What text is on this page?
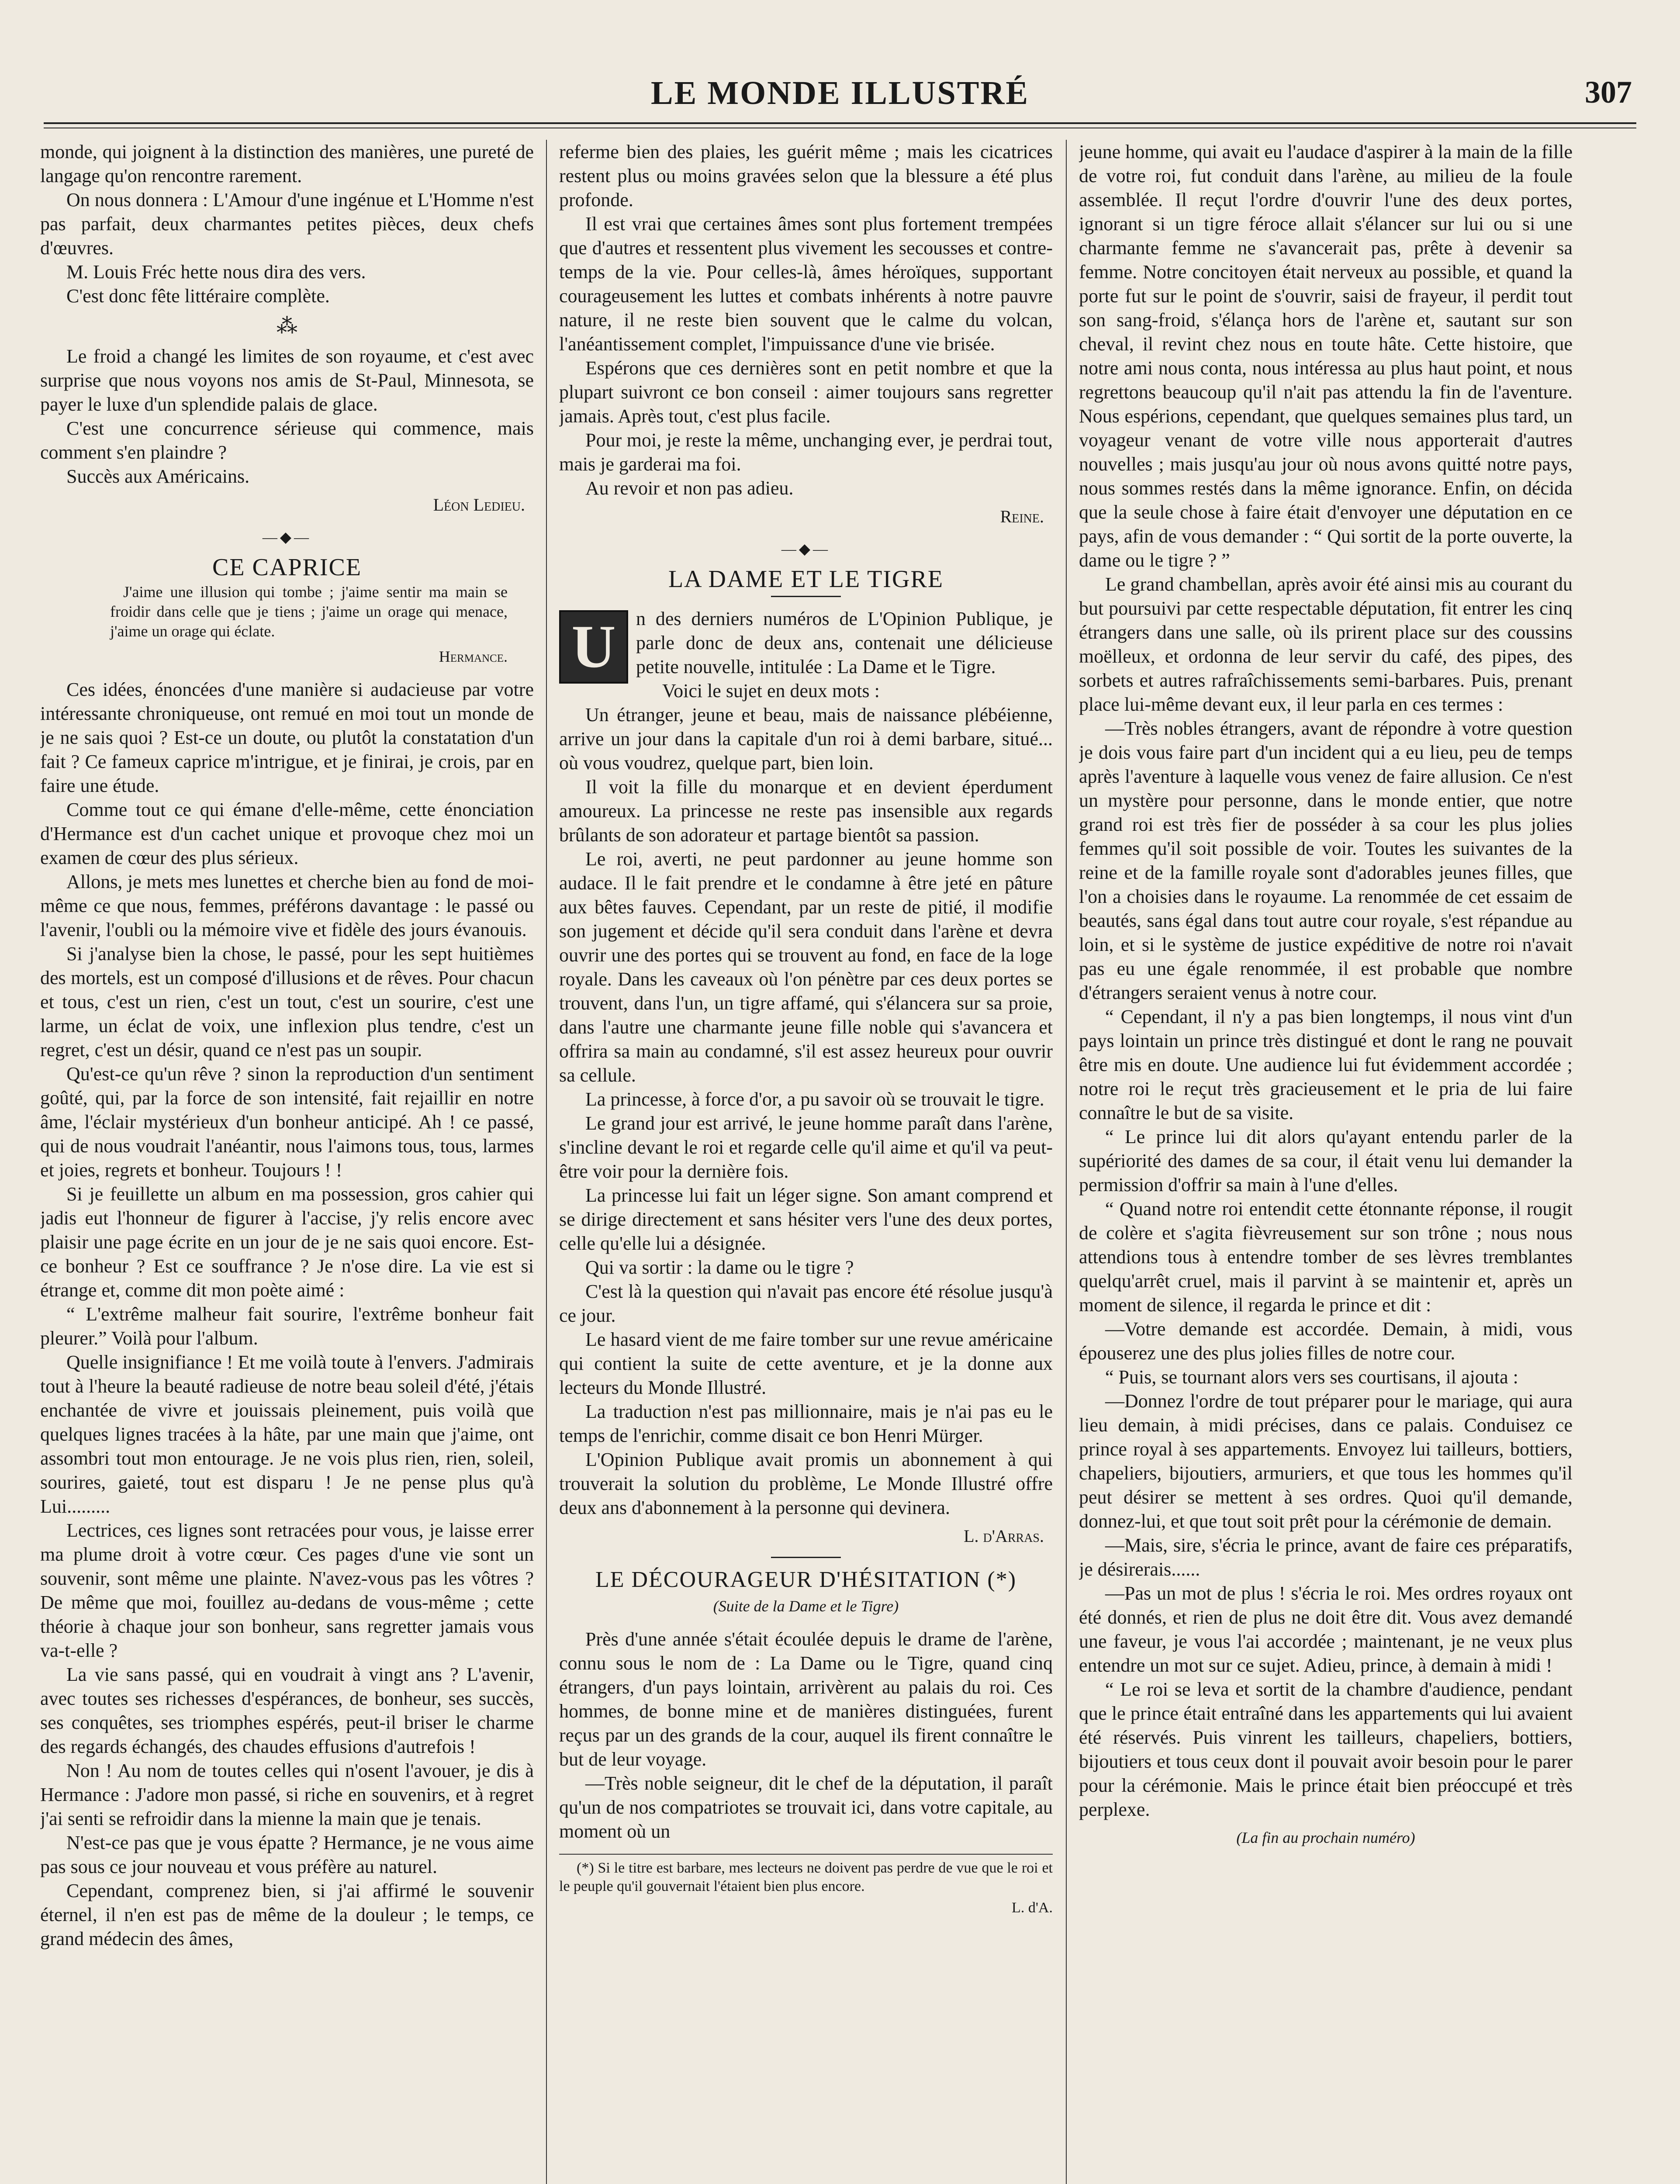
LE MONDE ILLUSTRÉ	307

monde, qui joignent à la distinction des manières, une pureté de langage qu'on rencontre rarement.

On nous donnera : L'Amour d'une ingénue et L'Homme n'est pas parfait, deux charmantes petites pièces, deux chefs d'œuvres.

M. Louis Fréc hette nous dira des vers.

C'est donc fête littéraire complète.

⁂

Le froid a changé les limites de son royaume, et c'est avec surprise que nous voyons nos amis de St-Paul, Minnesota, se payer le luxe d'un splendide palais de glace.

C'est une concurrence sérieuse qui commence, mais comment s'en plaindre ?

Succès aux Américains.

Léon Ledieu.

—◆—
CE CAPRICE

J'aime une illusion qui tombe ; j'aime sentir ma main se froidir dans celle que je tiens ; j'aime un orage qui menace, j'aime un orage qui éclate.

Hermance.

Ces idées, énoncées d'une manière si audacieuse par votre intéressante chroniqueuse, ont remué en moi tout un monde de je ne sais quoi ? Est-ce un doute, ou plutôt la constatation d'un fait ? Ce fameux caprice m'intrigue, et je finirai, je crois, par en faire une étude.

Comme tout ce qui émane d'elle-même, cette énonciation d'Hermance est d'un cachet unique et provoque chez moi un examen de cœur des plus sérieux.

Allons, je mets mes lunettes et cherche bien au fond de moi-même ce que nous, femmes, préférons davantage : le passé ou l'avenir, l'oubli ou la mémoire vive et fidèle des jours évanouis.

Si j'analyse bien la chose, le passé, pour les sept huitièmes des mortels, est un composé d'illusions et de rêves. Pour chacun et tous, c'est un rien, c'est un tout, c'est un sourire, c'est une larme, un éclat de voix, une inflexion plus tendre, c'est un regret, c'est un désir, quand ce n'est pas un soupir.

Qu'est-ce qu'un rêve ? sinon la reproduction d'un sentiment goûté, qui, par la force de son intensité, fait rejaillir en notre âme, l'éclair mystérieux d'un bonheur anticipé. Ah ! ce passé, qui de nous voudrait l'anéantir, nous l'aimons tous, tous, larmes et joies, regrets et bonheur. Toujours ! !

Si je feuillette un album en ma possession, gros cahier qui jadis eut l'honneur de figurer à l'accise, j'y relis encore avec plaisir une page écrite en un jour de je ne sais quoi encore. Est-ce bonheur ? Est ce souffrance ? Je n'ose dire. La vie est si étrange et, comme dit mon poète aimé :

“ L'extrême malheur fait sourire, l'extrême bonheur fait pleurer.” Voilà pour l'album.

Quelle insignifiance ! Et me voilà toute à l'envers. J'admirais tout à l'heure la beauté radieuse de notre beau soleil d'été, j'étais enchantée de vivre et jouissais pleinement, puis voilà que quelques lignes tracées à la hâte, par une main que j'aime, ont assombri tout mon entourage. Je ne vois plus rien, rien, soleil, sourires, gaieté, tout est disparu ! Je ne pense plus qu'à Lui.........

Lectrices, ces lignes sont retracées pour vous, je laisse errer ma plume droit à votre cœur. Ces pages d'une vie sont un souvenir, sont même une plainte. N'avez-vous pas les vôtres ? De même que moi, fouillez au-dedans de vous-même ; cette théorie à chaque jour son bonheur, sans regretter jamais vous va-t-elle ?

La vie sans passé, qui en voudrait à vingt ans ? L'avenir, avec toutes ses richesses d'espérances, de bonheur, ses succès, ses conquêtes, ses triomphes espérés, peut-il briser le charme des regards échangés, des chaudes effusions d'autrefois !

Non ! Au nom de toutes celles qui n'osent l'avouer, je dis à Hermance : J'adore mon passé, si riche en souvenirs, et à regret j'ai senti se refroidir dans la mienne la main que je tenais.

N'est-ce pas que je vous épatte ? Hermance, je ne vous aime pas sous ce jour nouveau et vous préfère au naturel.

Cependant, comprenez bien, si j'ai affirmé le souvenir éternel, il n'en est pas de même de la douleur ; le temps, ce grand médecin des âmes,

referme bien des plaies, les guérit même ; mais les cicatrices restent plus ou moins gravées selon que la blessure a été plus profonde.

Il est vrai que certaines âmes sont plus fortement trempées que d'autres et ressentent plus vivement les secousses et contre-temps de la vie. Pour celles-là, âmes héroïques, supportant courageusement les luttes et combats inhérents à notre pauvre nature, il ne reste bien souvent que le calme du volcan, l'anéantissement complet, l'impuissance d'une vie brisée.

Espérons que ces dernières sont en petit nombre et que la plupart suivront ce bon conseil : aimer toujours sans regretter jamais. Après tout, c'est plus facile.

Pour moi, je reste la même, unchanging ever, je perdrai tout, mais je garderai ma foi.

Au revoir et non pas adieu.

Reine.

—◆—
LA DAME ET LE TIGRE
U	n des derniers numéros de L'Opinion Publique, je parle donc de deux ans, contenait une délicieuse petite nouvelle, intitulée : La Dame et le Tigre.

Voici le sujet en deux mots :

Un étranger, jeune et beau, mais de naissance plébéienne, arrive un jour dans la capitale d'un roi à demi barbare, situé... où vous voudrez, quelque part, bien loin.

Il voit la fille du monarque et en devient éperdument amoureux. La princesse ne reste pas insensible aux regards brûlants de son adorateur et partage bientôt sa passion.

Le roi, averti, ne peut pardonner au jeune homme son audace. Il le fait prendre et le condamne à être jeté en pâture aux bêtes fauves. Cependant, par un reste de pitié, il modifie son jugement et décide qu'il sera conduit dans l'arène et devra ouvrir une des portes qui se trouvent au fond, en face de la loge royale. Dans les caveaux où l'on pénètre par ces deux portes se trouvent, dans l'un, un tigre affamé, qui s'élancera sur sa proie, dans l'autre une charmante jeune fille noble qui s'avancera et offrira sa main au condamné, s'il est assez heureux pour ouvrir sa cellule.

La princesse, à force d'or, a pu savoir où se trouvait le tigre.

Le grand jour est arrivé, le jeune homme paraît dans l'arène, s'incline devant le roi et regarde celle qu'il aime et qu'il va peut-être voir pour la dernière fois.

La princesse lui fait un léger signe. Son amant comprend et se dirige directement et sans hésiter vers l'une des deux portes, celle qu'elle lui a désignée.

Qui va sortir : la dame ou le tigre ?

C'est là la question qui n'avait pas encore été résolue jusqu'à ce jour.

Le hasard vient de me faire tomber sur une revue américaine qui contient la suite de cette aventure, et je la donne aux lecteurs du Monde Illustré.

La traduction n'est pas millionnaire, mais je n'ai pas eu le temps de l'enrichir, comme disait ce bon Henri Mürger.

L'Opinion Publique avait promis un abonnement à qui trouverait la solution du problème, Le Monde Illustré offre deux ans d'abonnement à la personne qui devinera.

L. d'Arras.

LE DÉCOURAGEUR D'HÉSITATION (*)

(Suite de la Dame et le Tigre)

Près d'une année s'était écoulée depuis le drame de l'arène, connu sous le nom de : La Dame ou le Tigre, quand cinq étrangers, d'un pays lointain, arrivèrent au palais du roi. Ces hommes, de bonne mine et de manières distinguées, furent reçus par un des grands de la cour, auquel ils firent connaître le but de leur voyage.

—Très noble seigneur, dit le chef de la députation, il paraît qu'un de nos compatriotes se trouvait ici, dans votre capitale, au moment où un

(*) Si le titre est barbare, mes lecteurs ne doivent pas perdre de vue que le roi et le peuple qu'il gouvernait l'étaient bien plus encore.

L. d'A.

jeune homme, qui avait eu l'audace d'aspirer à la main de la fille de votre roi, fut conduit dans l'arène, au milieu de la foule assemblée. Il reçut l'ordre d'ouvrir l'une des deux portes, ignorant si un tigre féroce allait s'élancer sur lui ou si une charmante femme ne s'avancerait pas, prête à devenir sa femme. Notre concitoyen était nerveux au possible, et quand la porte fut sur le point de s'ouvrir, saisi de frayeur, il perdit tout son sang-froid, s'élança hors de l'arène et, sautant sur son cheval, il revint chez nous en toute hâte. Cette histoire, que notre ami nous conta, nous intéressa au plus haut point, et nous regrettons beaucoup qu'il n'ait pas attendu la fin de l'aventure. Nous espérions, cependant, que quelques semaines plus tard, un voyageur venant de votre ville nous apporterait d'autres nouvelles ; mais jusqu'au jour où nous avons quitté notre pays, nous sommes restés dans la même ignorance. Enfin, on décida que la seule chose à faire était d'envoyer une députation en ce pays, afin de vous demander : “ Qui sortit de la porte ouverte, la dame ou le tigre ? ”

Le grand chambellan, après avoir été ainsi mis au courant du but poursuivi par cette respectable députation, fit entrer les cinq étrangers dans une salle, où ils prirent place sur des coussins moëlleux, et ordonna de leur servir du café, des pipes, des sorbets et autres rafraîchissements semi-barbares. Puis, prenant place lui-même devant eux, il leur parla en ces termes :

—Très nobles étrangers, avant de répondre à votre question je dois vous faire part d'un incident qui a eu lieu, peu de temps après l'aventure à laquelle vous venez de faire allusion. Ce n'est un mystère pour personne, dans le monde entier, que notre grand roi est très fier de posséder à sa cour les plus jolies femmes qu'il soit possible de voir. Toutes les suivantes de la reine et de la famille royale sont d'adorables jeunes filles, que l'on a choisies dans le royaume. La renommée de cet essaim de beautés, sans égal dans tout autre cour royale, s'est répandue au loin, et si le système de justice expéditive de notre roi n'avait pas eu une égale renommée, il est probable que nombre d'étrangers seraient venus à notre cour.

“ Cependant, il n'y a pas bien longtemps, il nous vint d'un pays lointain un prince très distingué et dont le rang ne pouvait être mis en doute. Une audience lui fut évidemment accordée ; notre roi le reçut très gracieusement et le pria de lui faire connaître le but de sa visite.

“ Le prince lui dit alors qu'ayant entendu parler de la supériorité des dames de sa cour, il était venu lui demander la permission d'offrir sa main à l'une d'elles.

“ Quand notre roi entendit cette étonnante réponse, il rougit de colère et s'agita fièvreusement sur son trône ; nous nous attendions tous à entendre tomber de ses lèvres tremblantes quelqu'arrêt cruel, mais il parvint à se maintenir et, après un moment de silence, il regarda le prince et dit :

—Votre demande est accordée. Demain, à midi, vous épouserez une des plus jolies filles de notre cour.

“ Puis, se tournant alors vers ses courtisans, il ajouta :

—Donnez l'ordre de tout préparer pour le mariage, qui aura lieu demain, à midi précises, dans ce palais. Conduisez ce prince royal à ses appartements. Envoyez lui tailleurs, bottiers, chapeliers, bijoutiers, armuriers, et que tous les hommes qu'il peut désirer se mettent à ses ordres. Quoi qu'il demande, donnez-lui, et que tout soit prêt pour la cérémonie de demain.

—Mais, sire, s'écria le prince, avant de faire ces préparatifs, je désirerais......

—Pas un mot de plus ! s'écria le roi. Mes ordres royaux ont été donnés, et rien de plus ne doit être dit. Vous avez demandé une faveur, je vous l'ai accordée ; maintenant, je ne veux plus entendre un mot sur ce sujet. Adieu, prince, à demain à midi !

“ Le roi se leva et sortit de la chambre d'audience, pendant que le prince était entraîné dans les appartements qui lui avaient été réservés. Puis vinrent les tailleurs, chapeliers, bottiers, bijoutiers et tous ceux dont il pouvait avoir besoin pour le parer pour la cérémonie. Mais le prince était bien préoccupé et très perplexe.

(La fin au prochain numéro)
